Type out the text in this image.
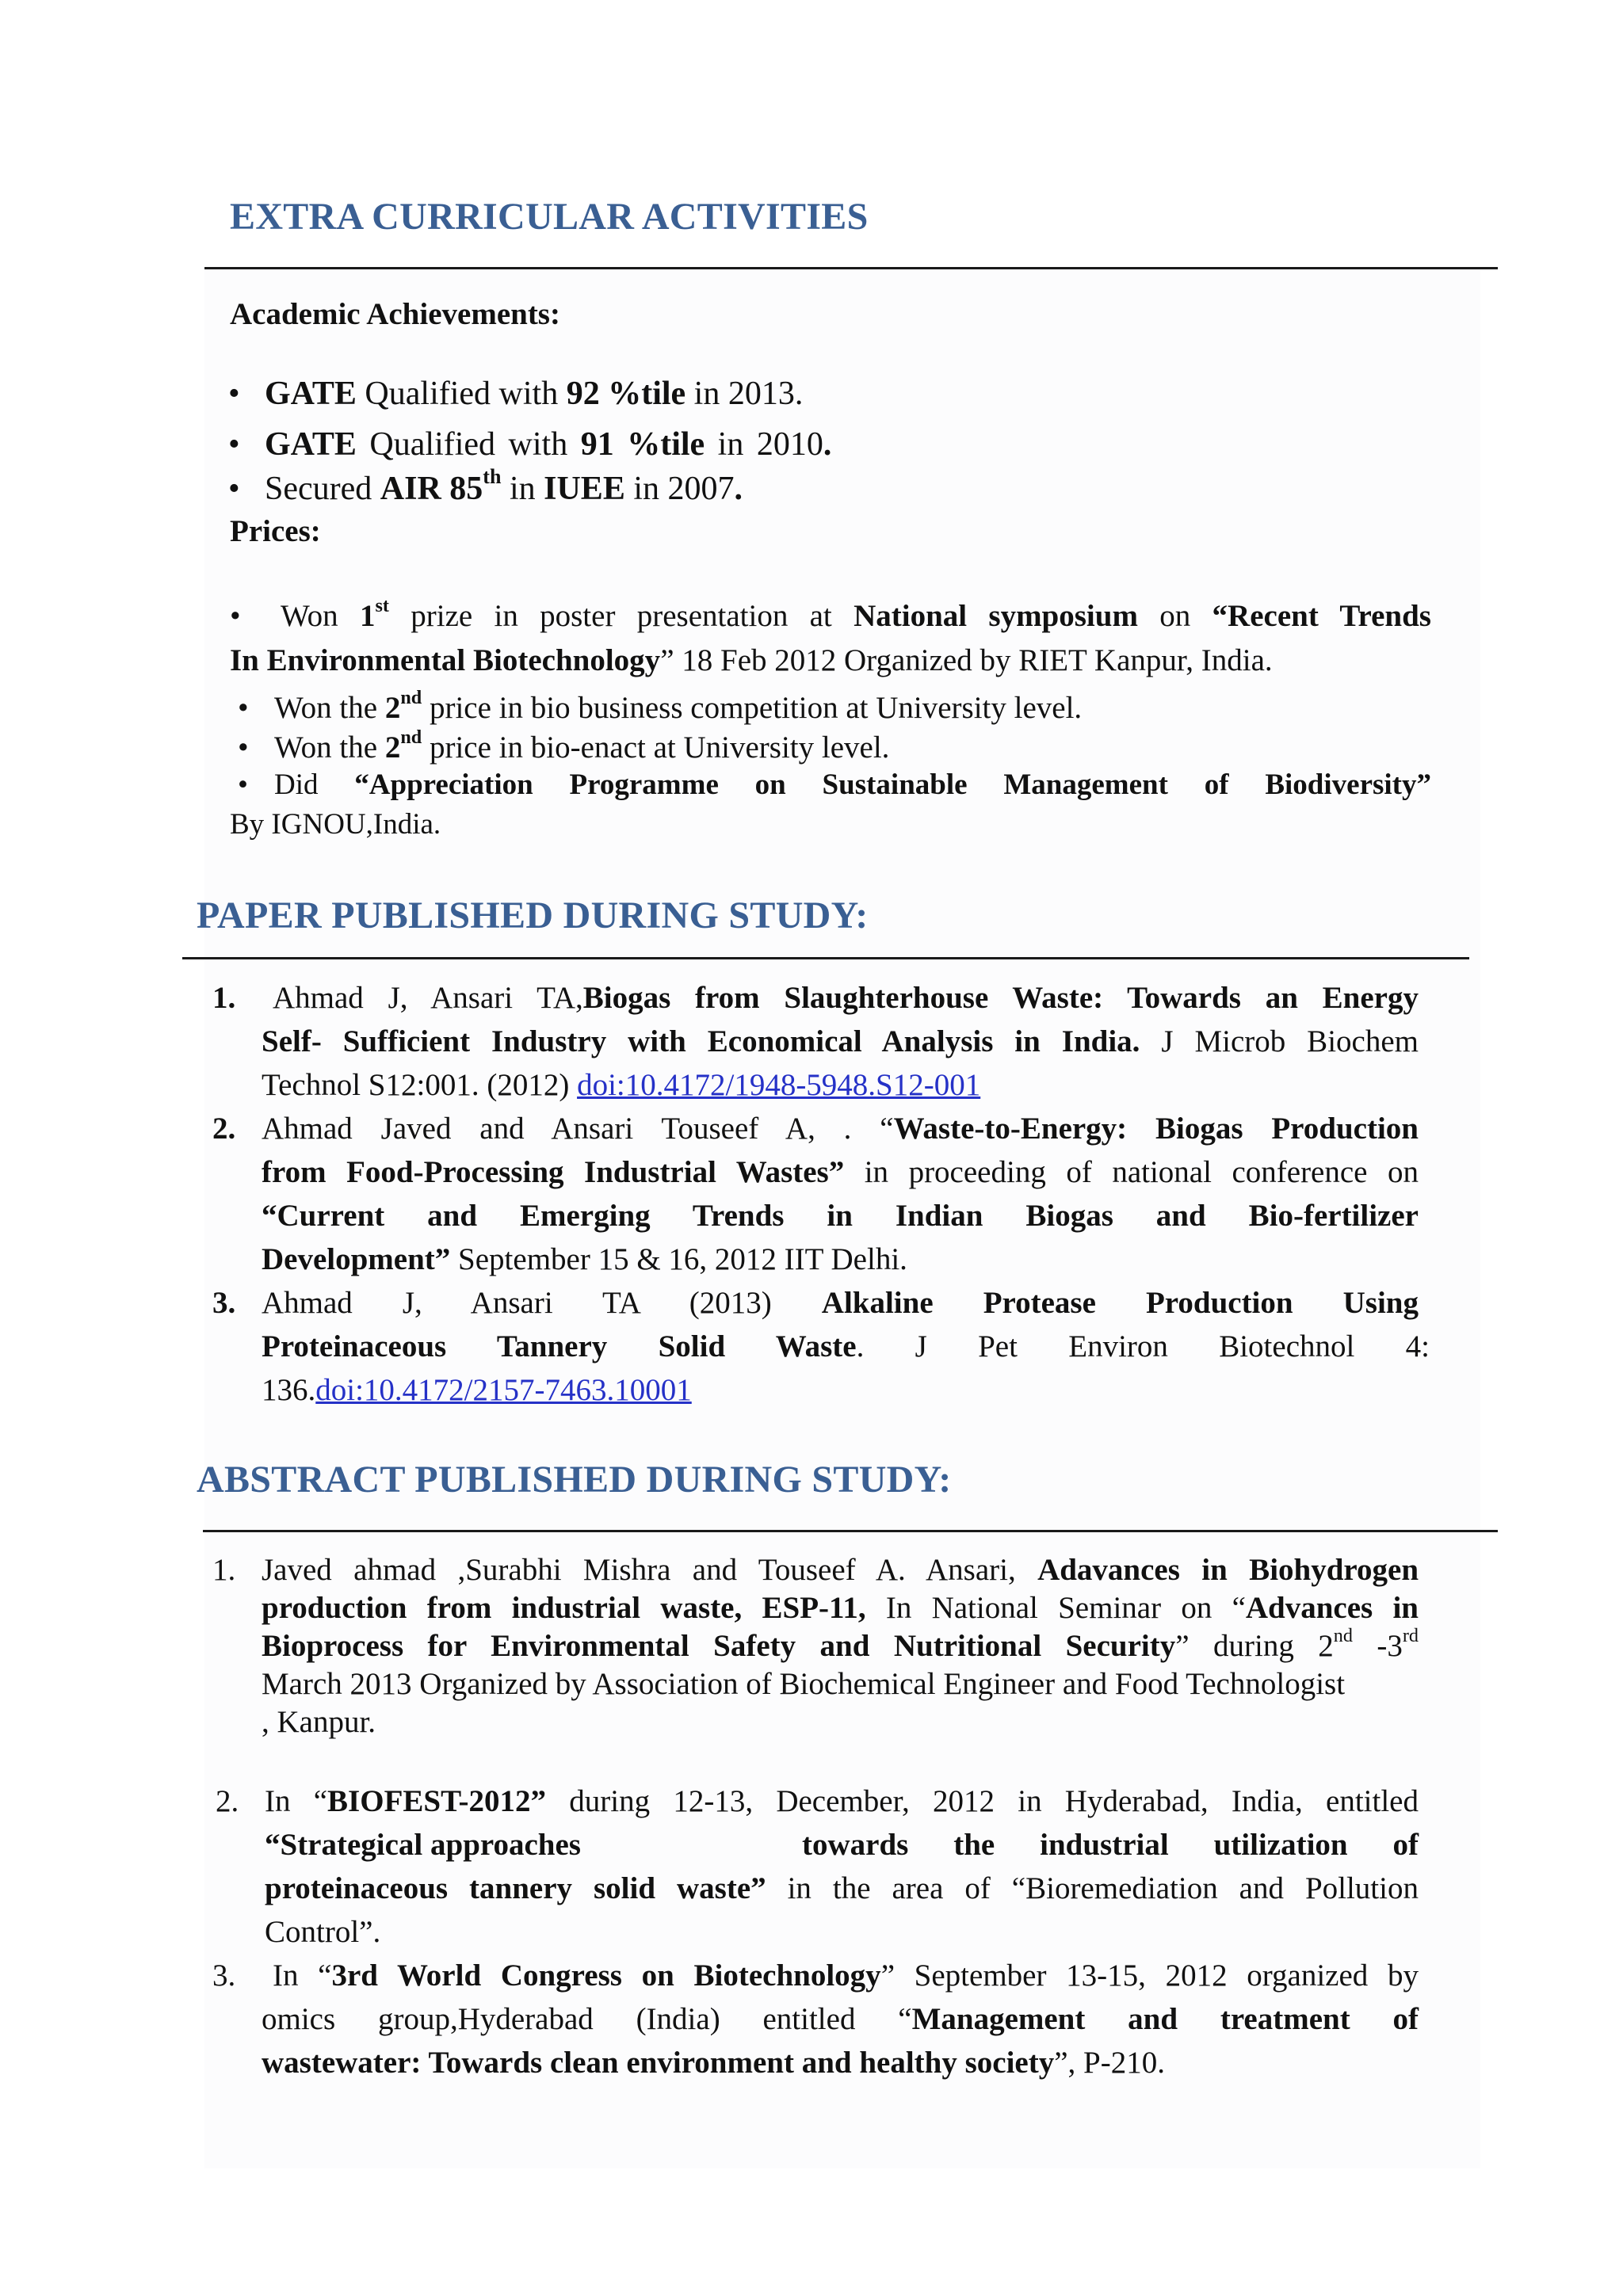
EXTRA CURRICULAR ACTIVITIES
Academic Achievements:

• GATE Qualified with 92 %tile in 2013.

• GATE Qualified with 91 %tile in 2010.

• Secured AIR 85th in IUEE in 2007.

Prices:

• Won 1st prize in poster presentation at National symposium on “Recent Trends

In Environmental Biotechnology” 18 Feb 2012 Organized by RIET Kanpur, India.

• Won the 2nd price in bio business competition at University level.

• Won the 2nd price in bio-enact at University level.

• Did “Appreciation Programme on Sustainable Management of Biodiversity”

By IGNOU,India.

PAPER PUBLISHED DURING STUDY:

1.	Ahmad J, Ansari TA,Biogas from Slaughterhouse Waste: Towards an Energy

Self- Sufficient Industry with Economical Analysis in India. J Microb Biochem

Technol S12:001. (2012) doi:10.4172/1948-5948.S12-001

2. Ahmad Javed and Ansari Touseef A, . “Waste-to-Energy: Biogas Production

from Food-Processing Industrial Wastes” in proceeding of national conference on

“Current and Emerging Trends in Indian Biogas and Bio-fertilizer

Development” September 15 & 16, 2012 IIT Delhi.

3. Ahmad J, Ansari TA (2013) Alkaline Protease Production Using

Proteinaceous Tannery Solid Waste. J Pet Environ Biotechnol 4:

136.doi:10.4172/2157-7463.10001

ABSTRACT PUBLISHED DURING STUDY:

1. Javed ahmad ,Surabhi Mishra and Touseef A. Ansari, Adavances in Biohydrogen

production from industrial waste, ESP-11, In National Seminar on “Advances in

Bioprocess for Environmental Safety and Nutritional Security” during 2nd -3rd

March 2013 Organized by Association of Biochemical Engineer and Food Technologist

, Kanpur.

2. In “BIOFEST-2012” during 12-13, December, 2012 in Hyderabad, India, entitled

“Strategical approaches	towards the industrial utilization of

proteinaceous tannery solid waste” in the area of “Bioremediation and Pollution

Control”.

3. In “3rd World Congress on Biotechnology” September 13-15, 2012 organized by

omics group,Hyderabad (India) entitled “Management and treatment of

wastewater: Towards clean environment and healthy society”, P-210.
